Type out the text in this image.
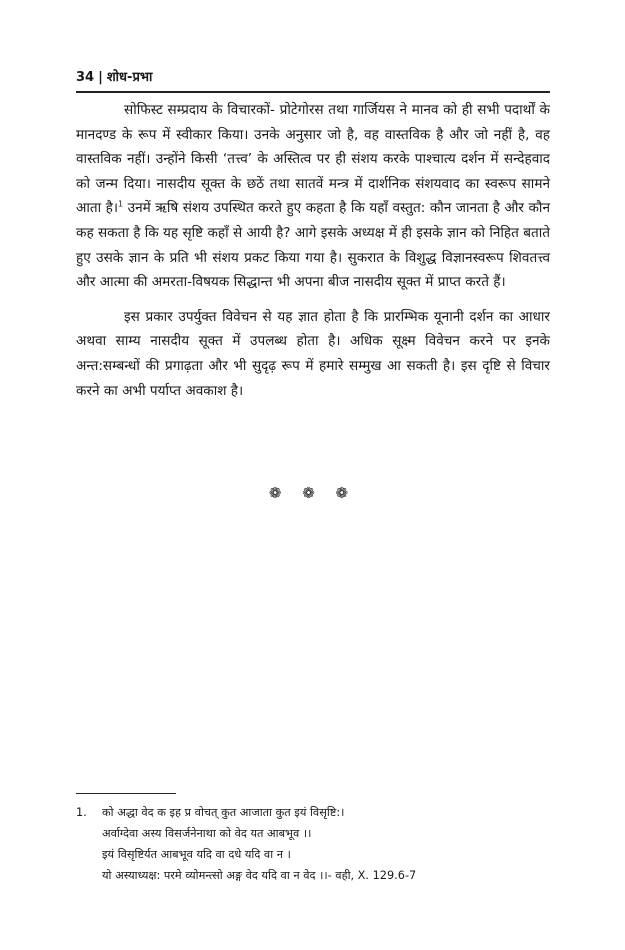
34 | शोध-प्रभा

सोफिस्ट सम्प्रदाय के विचारकों- प्रोटेगोरस तथा गार्जियस ने मानव को ही सभी पदार्थों के मानदण्ड के रूप में स्वीकार किया। उनके अनुसार जो है, वह वास्तविक है और जो नहीं है, वह वास्तविक नहीं। उन्होंने किसी ‘तत्त्व’ के अस्तित्व पर ही संशय करके पाश्चात्य दर्शन में सन्देहवाद को जन्म दिया। नासदीय सूक्त के छठें तथा सातवें मन्त्र में दार्शनिक संशयवाद का स्वरूप सामने आता है।$^1$ उनमें ऋषि संशय उपस्थित करते हुए कहता है कि यहाँ वस्तुत: कौन जानता है और कौन कह सकता है कि यह सृष्टि कहाँ से आयी है? आगे इसके अध्यक्ष में ही इसके ज्ञान को निहित बताते हुए उसके ज्ञान के प्रति भी संशय प्रकट किया गया है। सुकरात के विशुद्ध विज्ञानस्वरूप शिवतत्त्व और आत्मा की अमरता-विषयक सिद्धान्त भी अपना बीज नासदीय सूक्त में प्राप्त करते हैं।

इस प्रकार उपर्युक्त विवेचन से यह ज्ञात होता है कि प्रारम्भिक यूनानी दर्शन का आधार अथवा साम्य नासदीय सूक्त में उपलब्ध होता है। अधिक सूक्ष्म विवेचन करने पर इनके अन्त:सम्बन्धों की प्रगाढ़ता और भी सुदृढ़ रूप में हमारे सम्मुख आ सकती है। इस दृष्टि से विचार करने का अभी पर्याप्त अवकाश है।

❁ ❁ ❁
1. को अद्धा वेद क इह प्र वोचत् कुत आजाता कुत इयं विसृष्टि:।
अर्वाग्देवा अस्य विसर्जनेनाथा को वेद यत आबभूव ।।
इयं विसृष्टिर्यत आबभूव यदि वा दधे यदि वा न ।
यो अस्याध्यक्ष: परमे व्योमन्त्सो अङ्ग वेद यदि वा न वेद ।।- वही, X. 129.6-7
